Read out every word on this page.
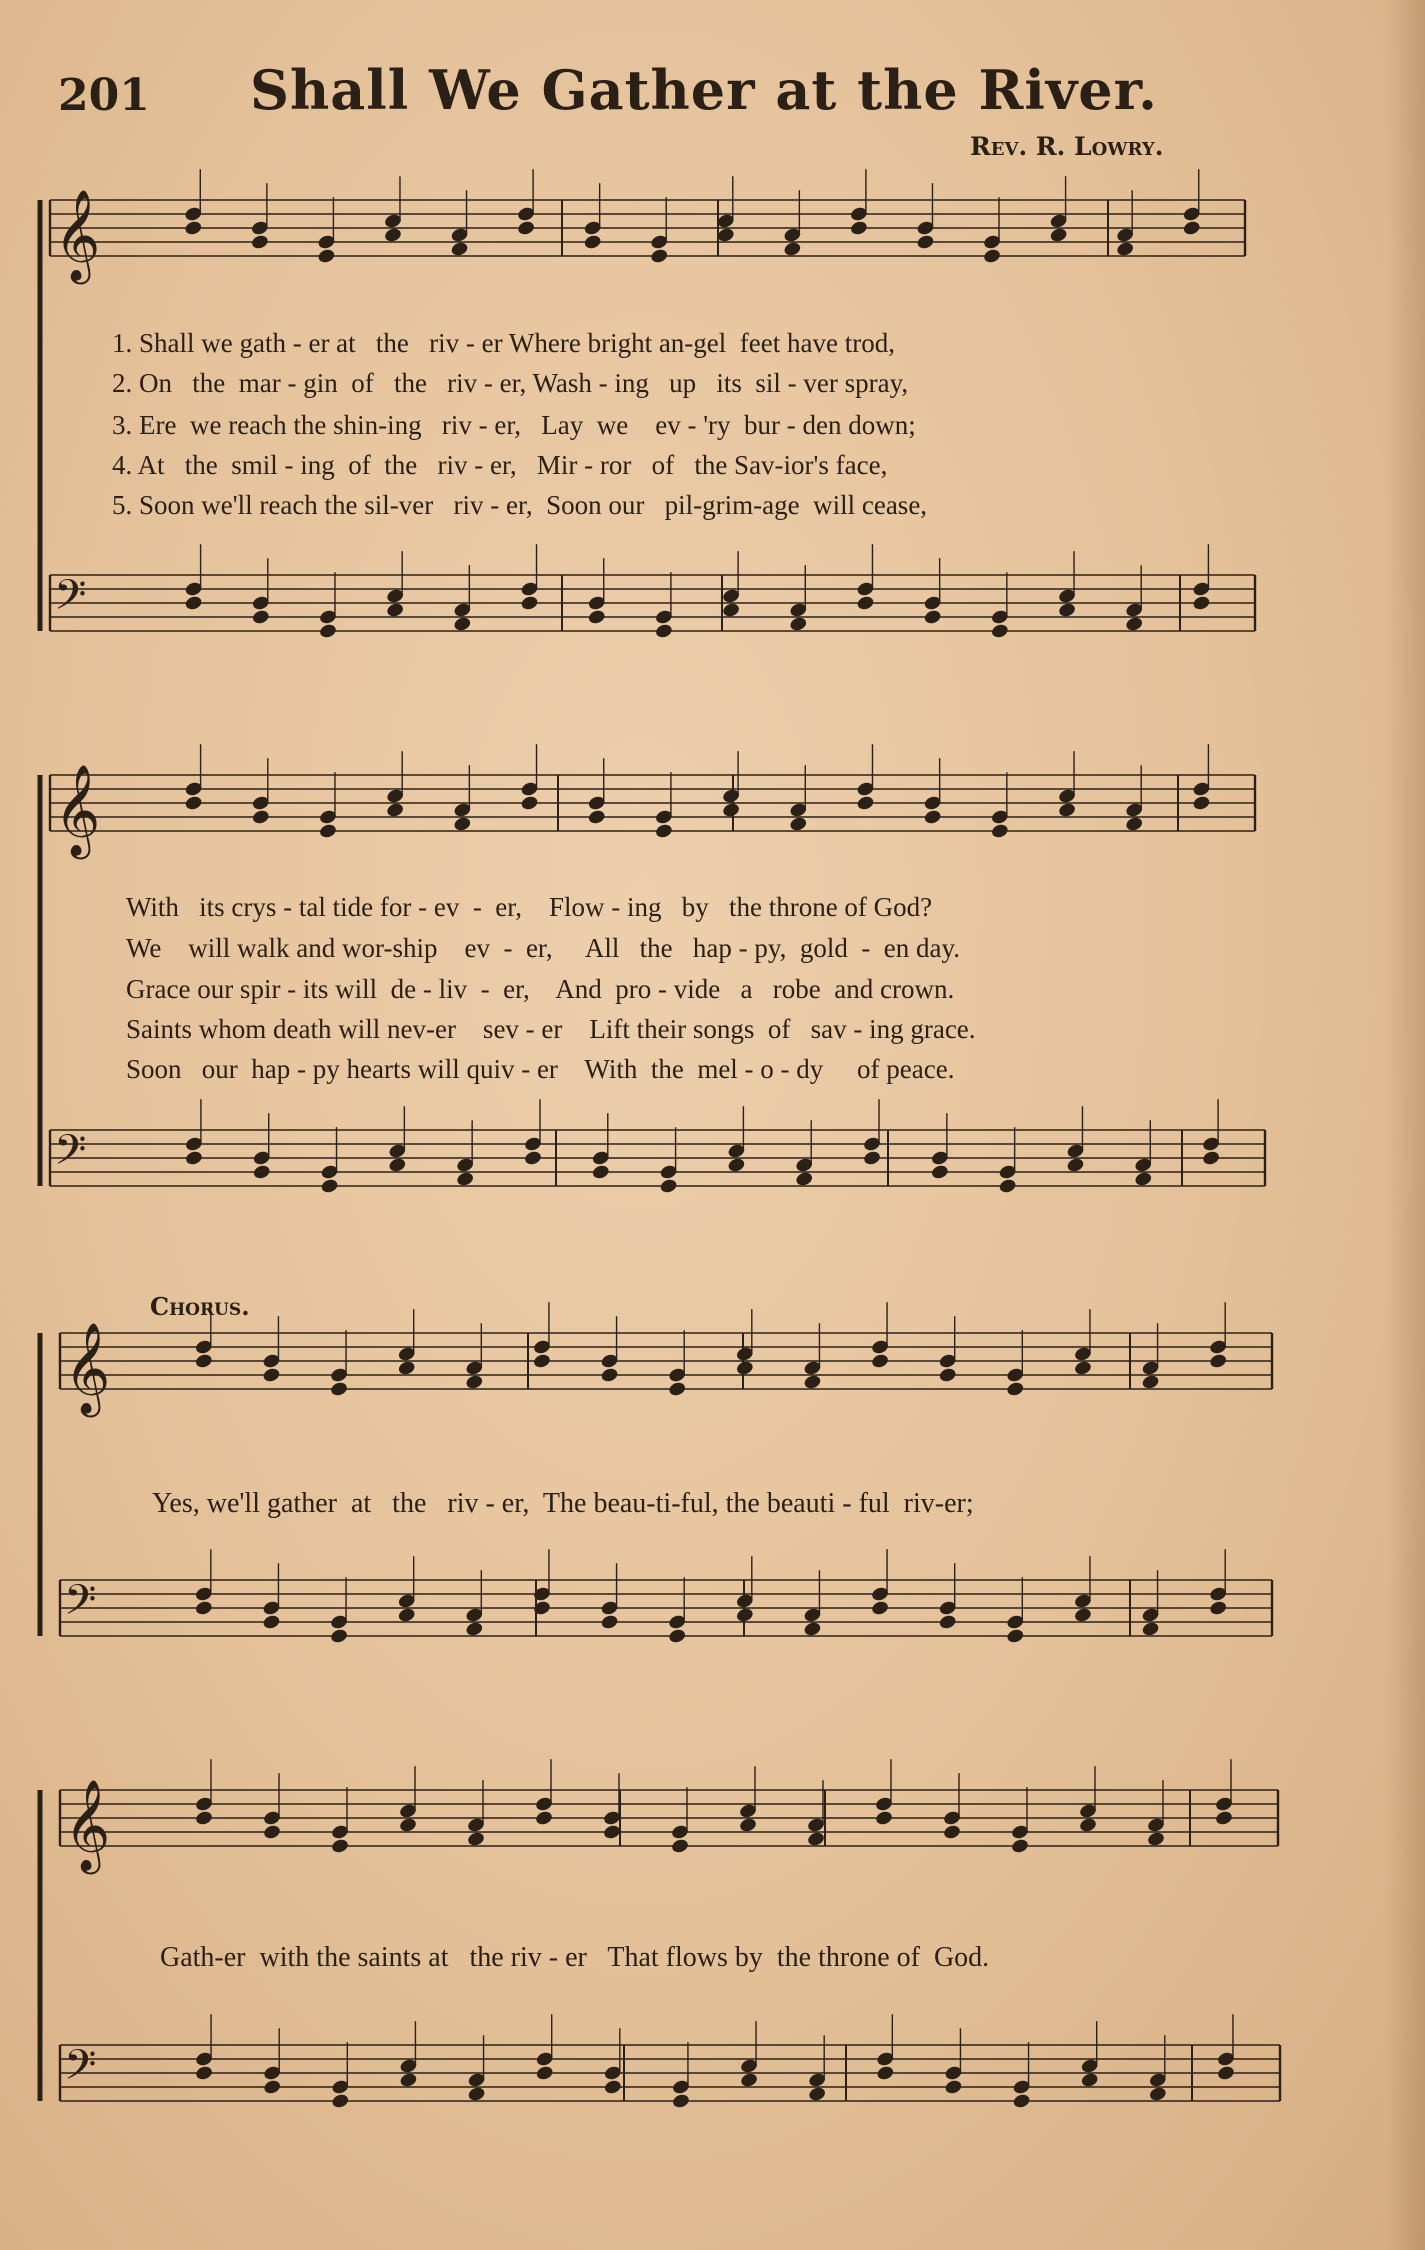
201 Shall We Gather at the River.
Rev. R. Lowry.
𝄞
𝄢
𝄞
𝄢
𝄞
𝄢
𝄞
𝄢
1. Shall we gath - er at   the   riv - er Where bright an-gel  feet have trod,
2. On   the  mar - gin  of   the   riv - er, Wash - ing   up   its  sil - ver spray,
3. Ere  we reach the shin-ing   riv - er,   Lay  we    ev - 'ry  bur - den down;
4. At   the  smil - ing  of  the   riv - er,   Mir - ror   of   the Sav-ior's face,
5. Soon we'll reach the sil-ver   riv - er,  Soon our   pil-grim-age  will cease,
With   its crys - tal tide for - ev  -  er,    Flow - ing   by   the throne of God?
We    will walk and wor-ship    ev  -  er,     All   the   hap - py,  gold  -  en day.
Grace our spir - its will  de - liv  -  er,    And  pro - vide   a   robe  and crown.
Saints whom death will nev-er    sev - er    Lift their songs  of   sav - ing grace.
Soon   our  hap - py hearts will quiv - er    With  the  mel - o - dy     of peace.
Chorus.
Yes, we'll gather  at   the   riv - er,  The beau-ti-ful, the beauti - ful  riv-er;
Gath-er  with the saints at   the riv - er   That flows by  the throne of  God.
